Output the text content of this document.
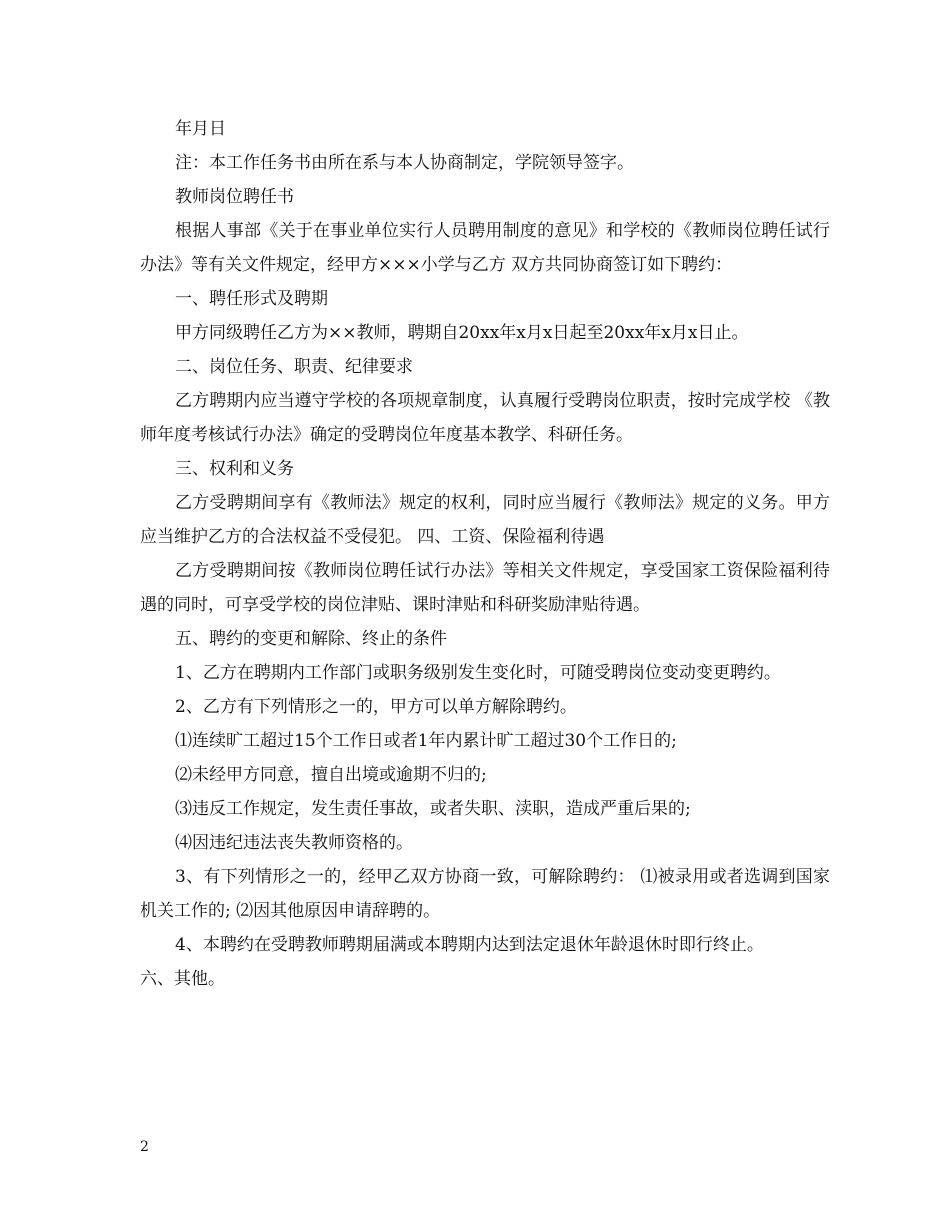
年月日

注：本工作任务书由所在系与本人协商制定，学院领导签字。

教师岗位聘任书

根据人事部《关于在事业单位实行人员聘用制度的意见》和学校的《教师岗位聘任试行办法》等有关文件规定，经甲方×××小学与乙方 双方共同协商签订如下聘约：

一、聘任形式及聘期

甲方同级聘任乙方为××教师，聘期自20xx年x月x日起至20xx年x月x日止。

二、岗位任务、职责、纪律要求

乙方聘期内应当遵守学校的各项规章制度，认真履行受聘岗位职责，按时完成学校 《教师年度考核试行办法》确定的受聘岗位年度基本教学、科研任务。

三、权利和义务

乙方受聘期间享有《教师法》规定的权利，同时应当履行《教师法》规定的义务。甲方应当维护乙方的合法权益不受侵犯。 四、工资、保险福利待遇

乙方受聘期间按《教师岗位聘任试行办法》等相关文件规定，享受国家工资保险福利待遇的同时，可享受学校的岗位津贴、课时津贴和科研奖励津贴待遇。

五、聘约的变更和解除、终止的条件

1、乙方在聘期内工作部门或职务级别发生变化时，可随受聘岗位变动变更聘约。

2、乙方有下列情形之一的，甲方可以单方解除聘约。

⑴连续旷工超过15个工作日或者1年内累计旷工超过30个工作日的;

⑵未经甲方同意，擅自出境或逾期不归的;

⑶违反工作规定，发生责任事故，或者失职、渎职，造成严重后果的;

⑷因违纪违法丧失教师资格的。

3、有下列情形之一的，经甲乙双方协商一致，可解除聘约： ⑴被录用或者选调到国家机关工作的; ⑵因其他原因申请辞聘的。

4、本聘约在受聘教师聘期届满或本聘期内达到法定退休年龄退休时即行终止。

六、其他。

2
